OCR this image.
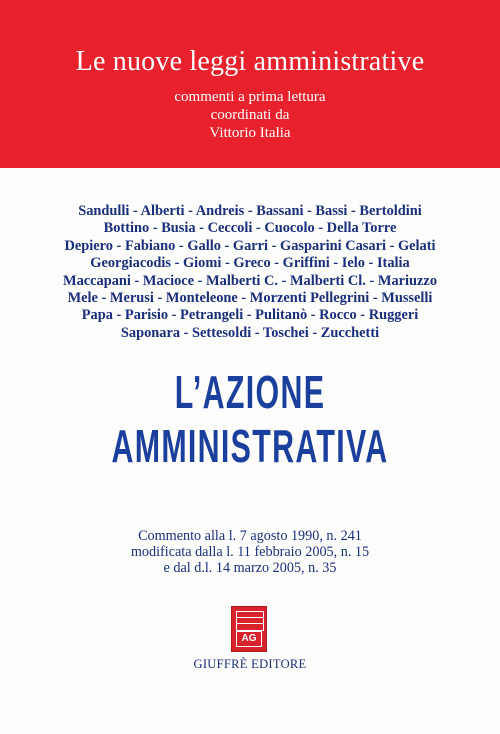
Le nuove leggi amministrative
commenti a prima lettura
coordinati da
Vittorio Italia
Sandulli - Alberti - Andreis - Bassani - Bassi - Bertoldini
Bottino - Busia - Ceccoli - Cuocolo - Della Torre
Depiero - Fabiano - Gallo - Garri - Gasparini Casari - Gelati
Georgiacodis - Giomi - Greco - Griffini - Ielo - Italia
Maccapani - Macioce - Malberti C. - Malberti Cl. - Mariuzzo
Mele - Merusi - Monteleone - Morzenti Pellegrini - Musselli
Papa - Parisio - Petrangeli - Pulitanò - Rocco - Ruggeri
Saponara - Settesoldi - Toschei - Zucchetti
L’AZIONE
AMMINISTRATIVA
Commento alla l. 7 agosto 1990, n. 241
modificata dalla l. 11 febbraio 2005, n. 15
e dal d.l. 14 marzo 2005, n. 35
AG
GIUFFRÈ EDITORE
